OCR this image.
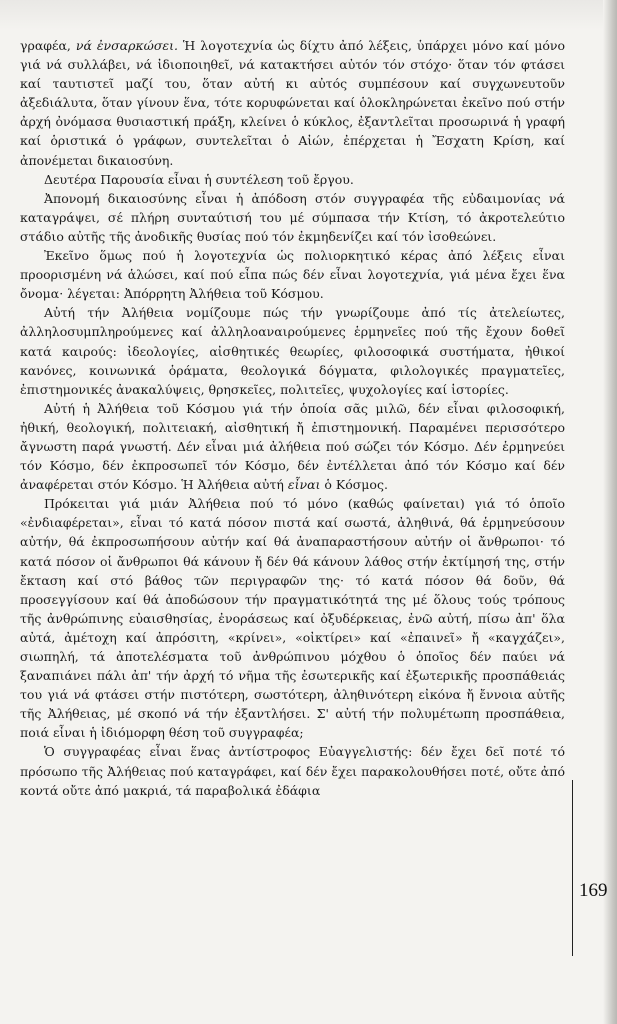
γραφέα, νά ἐνσαρκώσει. Ἡ λογοτεχνία ὡς δίχτυ ἀπό λέξεις, ὑπάρχει μόνο καί μόνο γιά νά συλλάβει, νά ἰδιοποιηθεῖ, νά κατακτήσει αὐτόν τόν στόχο· ὅταν τόν φτάσει καί ταυτιστεῖ μαζί του, ὅταν αὐτή κι αὐτός συμπέσουν καί συγχωνευτοῦν ἀξεδιάλυτα, ὅταν γίνουν ἕνα, τότε κορυφώνεται καί ὁλοκληρώνεται ἐκεῖνο πού στήν ἀρχή ὀνόμασα θυσιαστική πράξη, κλείνει ὁ κύκλος, ἐξαντλεῖται προσωρινά ἡ γραφή καί ὁριστικά ὁ γράφων, συντελεῖται ὁ Αἰών, ἐπέρχεται ἡ Ἔσχατη Κρίση, καί ἀπονέμεται δικαιοσύνη.

Δευτέρα Παρουσία εἶναι ἡ συντέλεση τοῦ ἔργου.

Ἀπονομή δικαιοσύνης εἶναι ἡ ἀπόδοση στόν συγγραφέα τῆς εὐδαιμονίας νά καταγράψει, σέ πλήρη συνταύτισή του μέ σύμπασα τήν Κτίση, τό ἀκροτελεύτιο στάδιο αὐτῆς τῆς ἀνοδικῆς θυσίας πού τόν ἐκμηδενίζει καί τόν ἰσοθεώνει.

Ἐκεῖνο ὅμως πού ἡ λογοτεχνία ὡς πολιορκητικό κέρας ἀπό λέξεις εἶναι προορισμένη νά ἁλώσει, καί πού εἶπα πώς δέν εἶναι λογοτεχνία, γιά μένα ἔχει ἕνα ὄνομα· λέγεται: Ἀπόρρητη Ἀλήθεια τοῦ Κόσμου.

Αὐτή τήν Ἀλήθεια νομίζουμε πώς τήν γνωρίζουμε ἀπό τίς ἀτελείωτες, ἀλληλοσυμπληρούμενες καί ἀλληλοαναιρούμενες ἑρμηνεῖες πού τῆς ἔχουν δοθεῖ κατά καιρούς: ἰδεολογίες, αἰσθητικές θεωρίες, φιλοσοφικά συστήματα, ἠθικοί κανόνες, κοινωνικά ὁράματα, θεολογικά δόγματα, φιλολογικές πραγματεῖες, ἐπιστημονικές ἀνακαλύψεις, θρησκεῖες, πολιτεῖες, ψυχολογίες καί ἱστορίες.

Αὐτή ἡ Ἀλήθεια τοῦ Κόσμου γιά τήν ὁποία σᾶς μιλῶ, δέν εἶναι φιλοσοφική, ἠθική, θεολογική, πολιτειακή, αἰσθητική ἤ ἐπιστημονική. Παραμένει περισσότερο ἄγνωστη παρά γνωστή. Δέν εἶναι μιά ἀλήθεια πού σώζει τόν Κόσμο. Δέν ἑρμηνεύει τόν Κόσμο, δέν ἐκπροσωπεῖ τόν Κόσμο, δέν ἐντέλλεται ἀπό τόν Κόσμο καί δέν ἀναφέρεται στόν Κόσμο. Ἡ Ἀλήθεια αὐτή εἶναι ὁ Κόσμος.

Πρόκειται γιά μιάν Ἀλήθεια πού τό μόνο (καθώς φαίνεται) γιά τό ὁποῖο «ἐνδιαφέρεται», εἶναι τό κατά πόσον πιστά καί σωστά, ἀληθινά, θά ἑρμηνεύσουν αὐτήν, θά ἐκπροσωπήσουν αὐτήν καί θά ἀναπαραστήσουν αὐτήν οἱ ἄνθρωποι· τό κατά πόσον οἱ ἄνθρωποι θά κάνουν ἤ δέν θά κάνουν λάθος στήν ἐκτίμησή της, στήν ἔκταση καί στό βάθος τῶν περιγραφῶν της· τό κατά πόσον θά δοῦν, θά προσεγγίσουν καί θά ἀποδώσουν τήν πραγματικότητά της μέ ὅλους τούς τρόπους τῆς ἀνθρώπινης εὐαισθησίας, ἐνοράσεως καί ὀξυδέρκειας, ἐνῶ αὐτή, πίσω ἀπ' ὅλα αὐτά, ἀμέτοχη καί ἀπρόσιτη, «κρίνει», «οἰκτίρει» καί «ἐπαινεῖ» ἤ «καγχάζει», σιωπηλή, τά ἀποτελέσματα τοῦ ἀνθρώπινου μόχθου ὁ ὁποῖος δέν παύει νά ξαναπιάνει πάλι ἀπ' τήν ἀρχή τό νῆμα τῆς ἐσωτερικῆς καί ἐξωτερικῆς προσπάθειάς του γιά νά φτάσει στήν πιστότερη, σωστότερη, ἀληθινότερη εἰκόνα ἤ ἔννοια αὐτῆς τῆς Ἀλήθειας, μέ σκοπό νά τήν ἐξαντλήσει. Σ' αὐτή τήν πολυμέτωπη προσπάθεια, ποιά εἶναι ἡ ἰδιόμορφη θέση τοῦ συγγραφέα;

Ὁ συγγραφέας εἶναι ἕνας ἀντίστροφος Εὐαγγελιστής: δέν ἔχει δεῖ ποτέ τό πρόσωπο τῆς Ἀλήθειας πού καταγράφει, καί δέν ἔχει παρακολουθήσει ποτέ, οὔτε ἀπό κοντά οὔτε ἀπό μακριά, τά παραβολικά ἐδάφια

169
